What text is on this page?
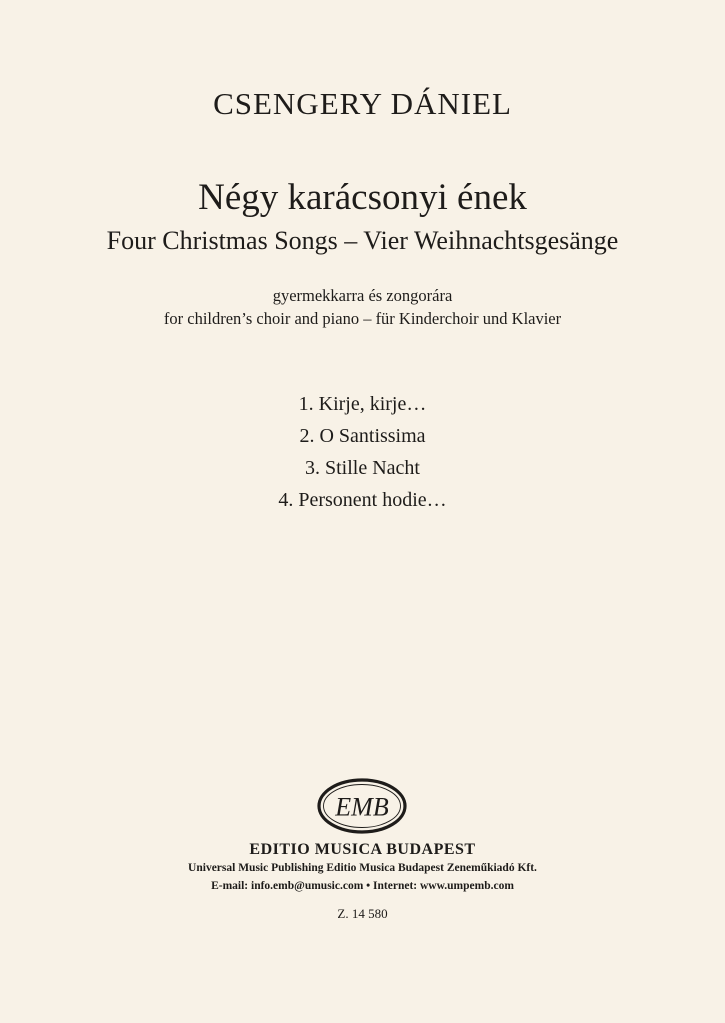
CSENGERY DÁNIEL
Négy karácsonyi ének
Four Christmas Songs – Vier Weihnachtsgesänge
gyermekkarra és zongorára
for children’s choir and piano – für Kinderchoir und Klavier
1. Kirje, kirje…
2. O Santissima
3. Stille Nacht
4. Personent hodie…
EMB
EDITIO MUSICA BUDAPEST
Universal Music Publishing Editio Musica Budapest Zeneműkiadó Kft.
E-mail: info.emb@umusic.com • Internet: www.umpemb.com
Z. 14 580
